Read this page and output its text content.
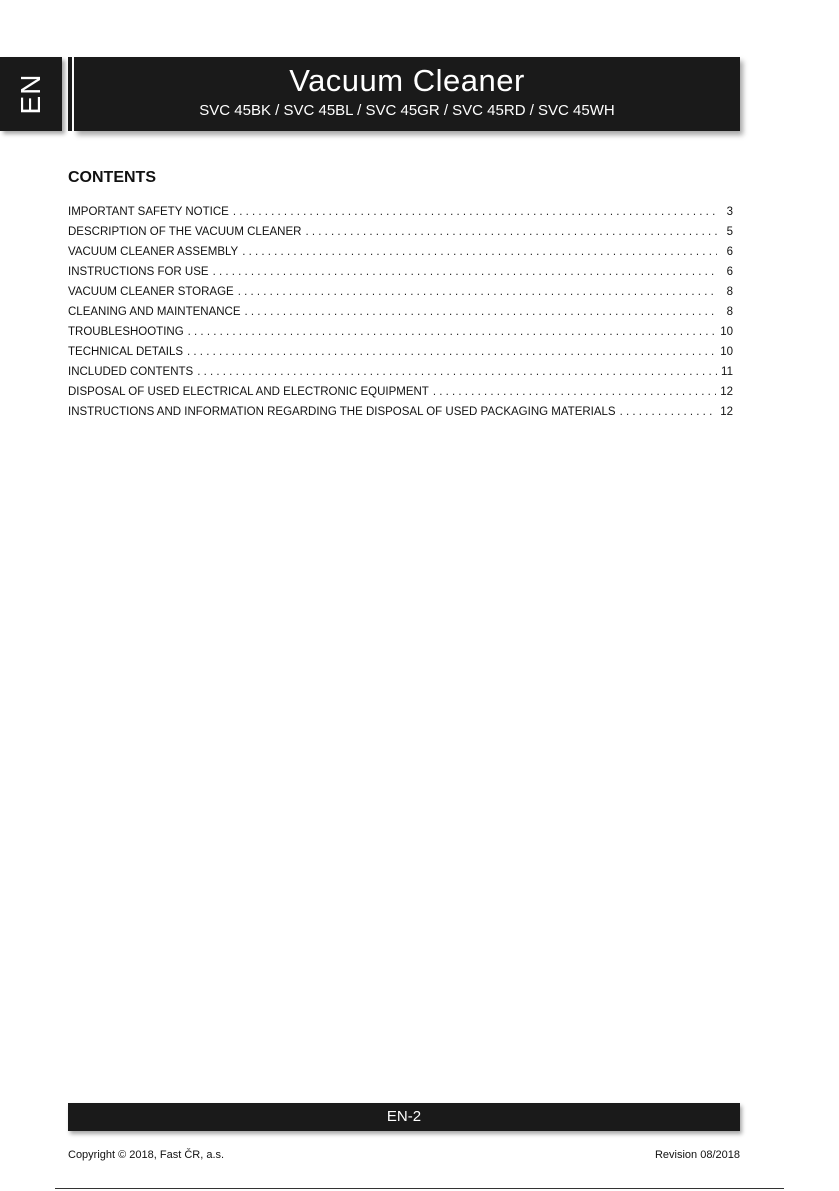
EN	Vacuum Cleaner
SVC 45BK / SVC 45BL / SVC 45GR / SVC 45RD / SVC 45WH
CONTENTS
IMPORTANT SAFETY NOTICE . . .	3
DESCRIPTION OF THE VACUUM CLEANER . . .	5
VACUUM CLEANER ASSEMBLY . . .	6
INSTRUCTIONS FOR USE . . .	6
VACUUM CLEANER STORAGE . . .	8
CLEANING AND MAINTENANCE . . .	8
TROUBLESHOOTING . . .	10
TECHNICAL DETAILS . . .	10
INCLUDED CONTENTS . . .	11
DISPOSAL OF USED ELECTRICAL AND ELECTRONIC EQUIPMENT . . .	12
INSTRUCTIONS AND INFORMATION REGARDING THE DISPOSAL OF USED PACKAGING MATERIALS . . .	12
EN-2
Copyright © 2018, Fast ČR, a.s.	Revision 08/2018
